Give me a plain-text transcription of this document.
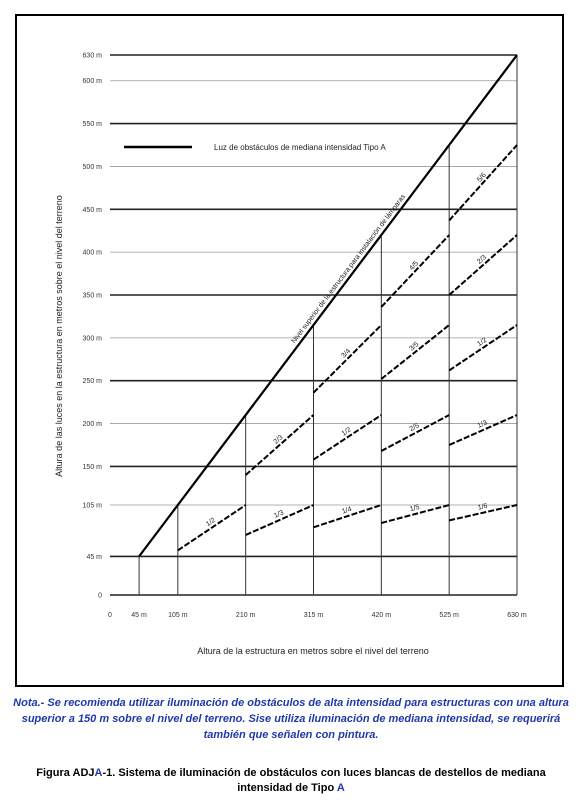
0
45 m
105 m
150 m
200 m
250 m
300 m
350 m
400 m
450 m
500 m
550 m
600 m
630 m
0	45 m	105 m	210 m	315 m	420 m	525 m	630 m
1/2
1/3
2/3
1/4
1/2
3/4
1/5
2/5
3/5
4/5
1/6
1/3
1/2
2/3
5/6
Luz de obstáculos de mediana intensidad Tipo A
Altura de la estructura en metros sobre el nivel del terreno
Altura de las luces en la estructura en metros sobre el nivel del terreno	Nivel superior de la estructura para instalación de lámparas
Nota.- Se recomienda utilizar iluminación de obstáculos de alta intensidad para estructuras con una altura superior a 150 m sobre el nivel del terreno. Sise utiliza iluminación de mediana intensidad, se requerirá también que señalen con pintura.
Figura ADJA-1. Sistema de iluminación de obstáculos con luces blancas de destellos de mediana intensidad de Tipo A
